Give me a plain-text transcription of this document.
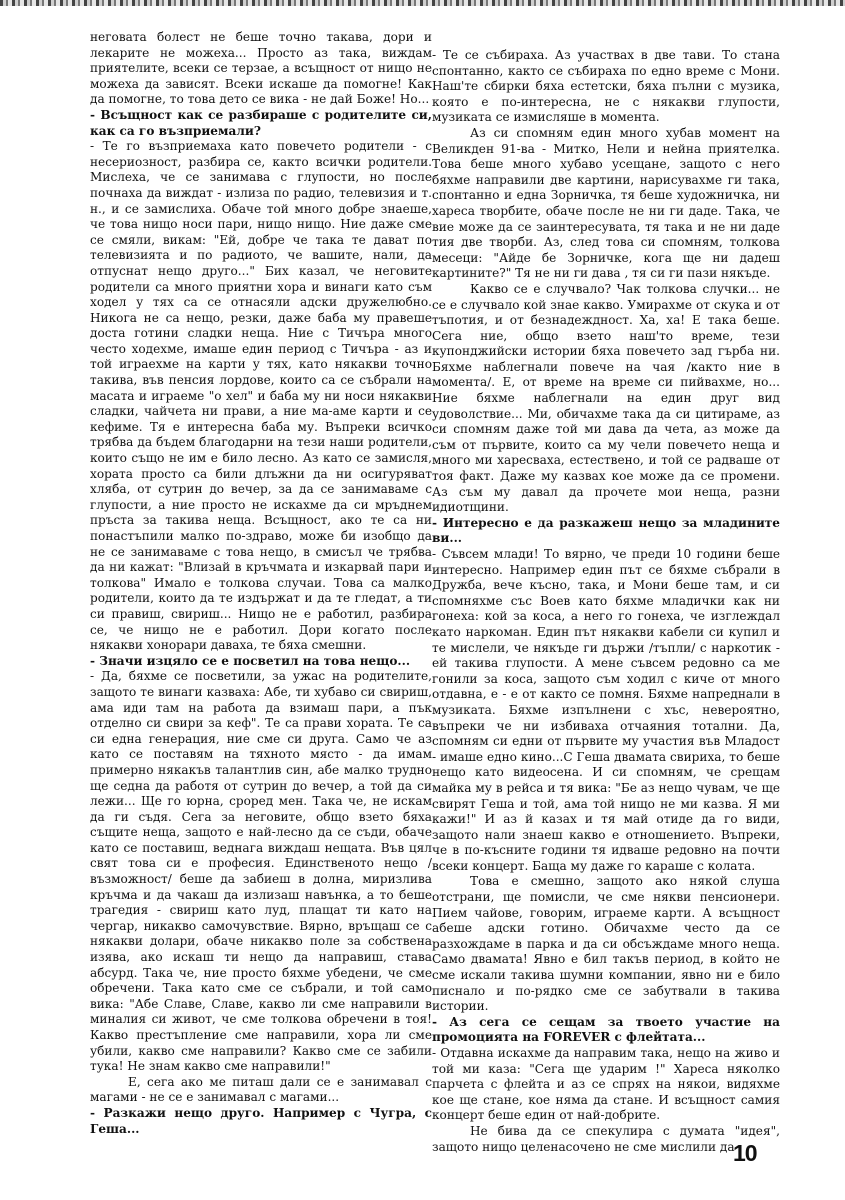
неговата болест не беше точно такава, дори и лекарите не можеха... Просто аз така, виждам приятелите, всеки се терзае, а всъщност от нищо не можеха да зависят. Всеки искаше да помогне! Как да помогне, то това дето се вика - не дай Боже! Но...

- Всъщност как се разбираше с родителите си, как са го възприемали?

- Те го възприемаха като повечето родители - с несериозност, разбира се, както всички родители. Мислеха, че се занимава с глупости, но после почнаха да виждат - излиза по радио, телевизия и т. н., и се замислиха. Обаче той много добре знаеше, че това нищо носи пари, нищо нищо. Ние даже сме се смяли, викам: "Ей, добре че така те дават по телевизията и по радиото, че вашите, нали, да отпуснат нещо друго..." Бих казал, че неговите родители са много приятни хора и винаги като съм ходел у тях са се отнасяли адски дружелюбно. Никога не са нещо, резки, даже баба му правеше доста готини сладки неща. Ние с Тичъра много често ходехме, имаше един период с Тичъра - аз и той играехме на карти у тях, като някакви точно такива, във пенсия лордове, които са се събрали на масата и играеме "о хел" и баба му ни носи някакви сладки, чайчета ни прави, а ние ма-аме карти и се кефиме. Тя е интересна баба му. Въпреки всичко трябва да бъдем благодарни на тези наши родители, които също не им е било лесно. Аз като се замисля, хората просто са били длъжни да ни осигуряват хляба, от сутрин до вечер, за да се занимаваме с глупости, а ние просто не искахме да си мръднем пръста за такива неща. Всъщност, ако те са ни понастъпили малко по-здраво, може би изобщо да не се занимаваме с това нещо, в смисъл че трябва да ни кажат: "Влизай в кръчмата и изкарвай пари и толкова" Имало е толкова случаи. Това са малко родители, които да те издържат и да те гледат, а ти си правиш, свириш... Нищо не е работил, разбира се, че нищо не е работил. Дори когато после някакви хонорари даваха, те бяха смешни.

- Значи изцяло се е посветил на това нещо...

- Да, бяхме се посветили, за ужас на родителите, защото те винаги казваха: Абе, ти хубаво си свириш, ама иди там на работа да взимаш пари, а пък отделно си свири за кеф". Те са прави хората. Те са си една генерация, ние сме си друга. Само че аз като се поставям на тяхното място - да имам примерно някакъв талантлив син, абе малко трудно ще седна да работя от сутрин до вечер, а той да си лежи... Ще го юрна, сроред мен. Така че, не искам да ги съдя. Сега за неговите, общо взето бяха същите неща, защото е най-лесно да се съди, обаче като се поставиш, веднага виждаш нещата. Във цял свят това си е професия. Единственото нещо /възможност/ беше да забиеш в долна, миризлива кръчма и да чакаш да излизаш навънка, а то беше трагедия - свириш като луд, плащат ти като на чергар, никакво самочувствие. Вярно, връщаш се с някакви долари, обаче никакво поле за собствена изява, ако искаш ти нещо да направиш, става абсурд. Така че, ние просто бяхме убедени, че сме обречени. Така като сме се събрали, и той само вика: "Абе Славе, Славе, какво ли сме направили в миналия си живот, че сме толкова обречени в тоя! Какво престъпление сме направили, хора ли сме убили, какво сме направили? Какво сме се забили тука! Не знам какво сме направили!"

Е, сега ако ме питаш дали се е занимавал с магами - не се е занимавал с магами...

- Разкажи нещо друго. Например с Чугра, с Геша...

- Те се събираха. Аз участвах в две тави. То стана спонтанно, както се събираха по едно време с Мони. Наш'те сбирки бяха естетски, бяха пълни с музика, която е по-интересна, не с някакви глупости, музиката се измисляше в момента.

Аз си спомням един много хубав момент на Великден 91-ва - Митко, Нели и нейна приятелка. Това беше много хубаво усещане, защото с него бяхме направили две картини, нарисувахме ги така, спонтанно и една Зорничка, тя беше художничка, ни хареса творбите, обаче после не ни ги даде. Така, че виe може да се заинтересувата, тя така и не ни даде тия две творби. Аз, след това си спомням, толкова месеци: "Айде бе Зорничке, кога ще ни дадеш картините?" Тя не ни ги дава , тя си ги пази някъде.

Какво се е случвало? Чак толкова случки... не се е случвало кой знае какво. Умирахме от скука и от тъпотия, и от безнадеждност. Ха, ха! Е така беше. Сега ние, общо взето наш'то време, тези купонджийски истории бяха повечето зад гърба ни. Бяхме наблегнали повече на чая /както ние в момента/. Е, от време на време си пийвахме, но... Ние бяхме наблегнали на един друг вид удоволствие... Ми, обичахме така да си цитираме, аз си спомням даже той ми дава да чета, аз може да съм от първите, които са му чели повечето неща и много ми харесваха, естествено, и той се радваше от тоя факт. Даже му казвах кое може да се промени. Аз съм му давал да прочете мои неща, разни идиотщини.

- Интересно е да разкажеш нещо за младините ви...

- Съвсем млади! То вярно, че преди 10 години беше интересно. Например един път се бяхме събрали в Дружба, вече късно, така, и Мони беше там, и си спомняхме със Воев като бяхме младички как ни гонеха: кой за коса, а него го гонеха, че изглеждал като наркоман. Един път някакви кабели си купил и те мислели, че някъде ги държи /тъпли/ с наркотик - ей такива глупости. А мене съвсем редовно са ме гонили за коса, защото съм ходил с киче от много отдавна, е - е от както се помня. Бяхме напреднали в музиката. Бяхме изпълнени с хъс, невероятно, въпреки че ни избиваха отчаяния тотални. Да, спомням си едни от първите му участия във Младост - имаше едно кино...С Геша двамата свириха, то беше нещо като видеоcена. И си спомням, че срещам майка му в рейса и тя вика: "Бе аз нещо чувам, че ще свирят Геша и той, ама той нищо не ми казва. Я ми кажи!" И аз й казах и тя май отиде да го види, защото нали знаеш какво е отношението. Въпреки, че в по-късните години тя идваше редовно на почти всеки концерт. Баща му даже го караше с колата.

Това е смешно, защото ако някой слуша отстрани, ще помисли, че сме някви пенсионери. Пием чайове, говорим, играеме карти. А всъщност абеше адски готино. Обичахме често да се разхождаме в парка и да си обсъждаме много неща. Само двамата! Явно е бил такъв период, в който не сме искали такива шумни компании, явно ни е било писнало и по-рядко сме се забутвали в такива истории.

- Аз сега се сещам за твоето участие на промоцията на FOREVER с флейтата...

- Отдавна искахме да направим така, нещо на живо и той ми каза: "Сега ще ударим !" Хареса няколко парчета с флейта и аз се спрях на някои, видяхме кое ще стане, кое няма да стане. И всъщност самия концерт беше един от най-добрите.

Не бива да се спекулира с думата "идея", защото нищо целенасочено не сме мислили да

10
